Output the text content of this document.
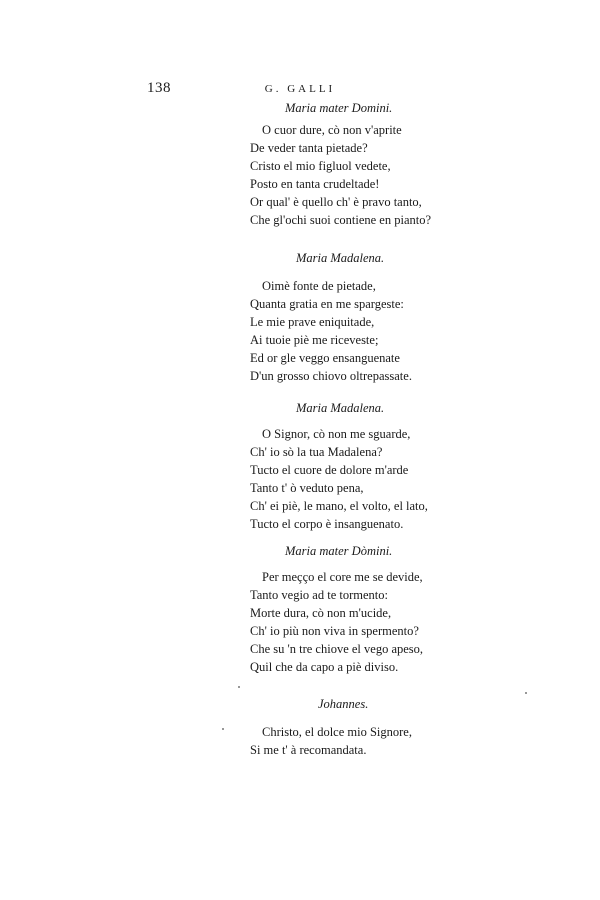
138	G. GALLI
Maria mater Domini.
O cuor dure, cò non v'aprite
De veder tanta pietade?
Cristo el mio figluol vedete,
Posto en tanta crudeltade!
Or qual' è quello ch' è pravo tanto,
Che gl'ochi suoi contiene en pianto?
Maria Madalena.
Oimè fonte de pietade,
Quanta gratia en me spargeste:
Le mie prave eniquitade,
Ai tuoie piè me riceveste;
Ed or gle veggo ensanguenate
D'un grosso chiovo oltrepassate.
Maria Madalena.
O Signor, cò non me sguarde,
Ch' io sò la tua Madalena?
Tucto el cuore de dolore m'arde
Tanto t' ò veduto pena,
Ch' ei piè, le mano, el volto, el lato,
Tucto el corpo è insanguenato.
Maria mater Dòmini.
Per meçço el core me se devide,
Tanto vegio ad te tormento:
Morte dura, cò non m'ucide,
Ch' io più non viva in spermento?
Che su 'n tre chiove el vego apeso,
Quil che da capo a piè diviso.
Johannes.
Christo, el dolce mio Signore,
Si me t' à recomandata.
